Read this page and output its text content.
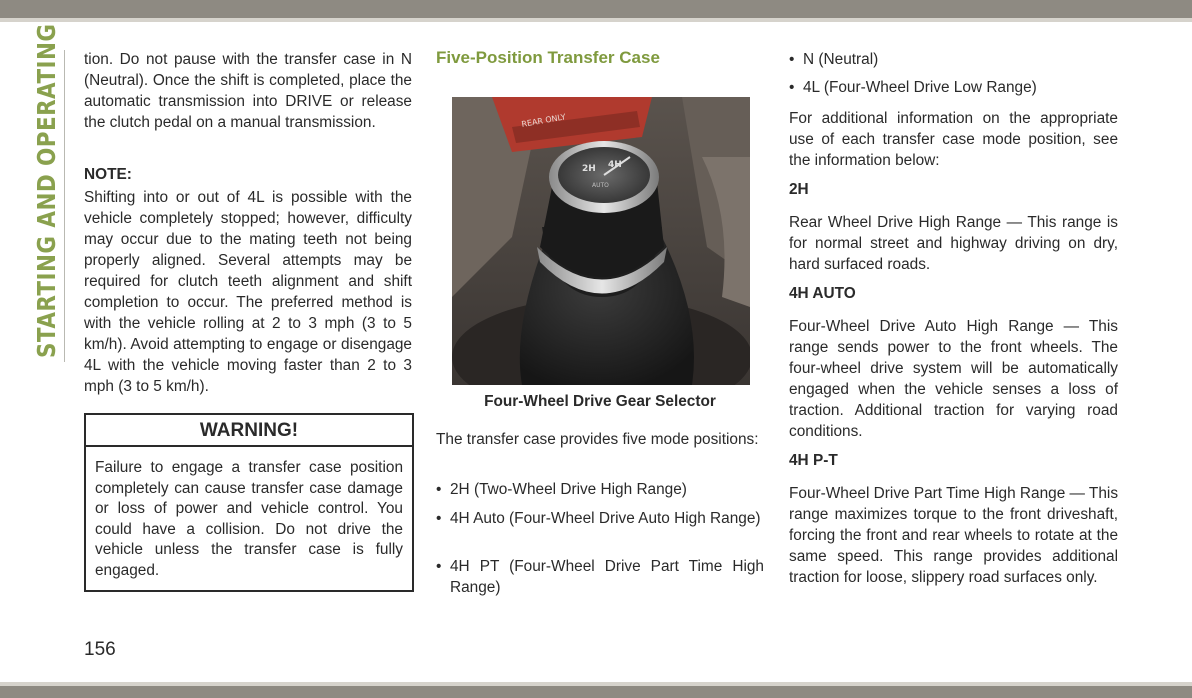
STARTING AND OPERATING tion. Do not pause with the transfer case in N (Neutral). Once the shift is completed, place the automatic transmission into DRIVE or release the clutch pedal on a manual transmission.

NOTE:

Shifting into or out of 4L is possible with the vehicle completely stopped; however, difficulty may occur due to the mating teeth not being properly aligned. Several attempts may be required for clutch teeth alignment and shift completion to occur. The preferred method is with the vehicle rolling at 2 to 3 mph (3 to 5 km/h). Avoid attempting to engage or disengage 4L with the vehicle moving faster than 2 to 3 mph (3 to 5 km/h).

WARNING!

Failure to engage a transfer case position completely can cause transfer case damage or loss of power and vehicle control. You could have a collision. Do not drive the vehicle unless the transfer case is fully engaged.

156
Five-Position Transfer Case
REAR ONLY
2H 4H
AUTO
Four-Wheel Drive Gear Selector

The transfer case provides five mode positions:

• 2H (Two-Wheel Drive High Range)
• 4H Auto (Four-Wheel Drive Auto High Range)
• 4H PT (Four-Wheel Drive Part Time High Range)
• N (Neutral)
• 4L (Four-Wheel Drive Low Range)

For additional information on the appropriate use of each transfer case mode position, see the information below:

2H

Rear Wheel Drive High Range — This range is for normal street and highway driving on dry, hard surfaced roads.

4H AUTO

Four-Wheel Drive Auto High Range — This range sends power to the front wheels. The four-wheel drive system will be automatically engaged when the vehicle senses a loss of traction. Additional traction for varying road conditions.

4H P-T

Four-Wheel Drive Part Time High Range — This range maximizes torque to the front driveshaft, forcing the front and rear wheels to rotate at the same speed. This range provides additional traction for loose, slippery road surfaces only.
